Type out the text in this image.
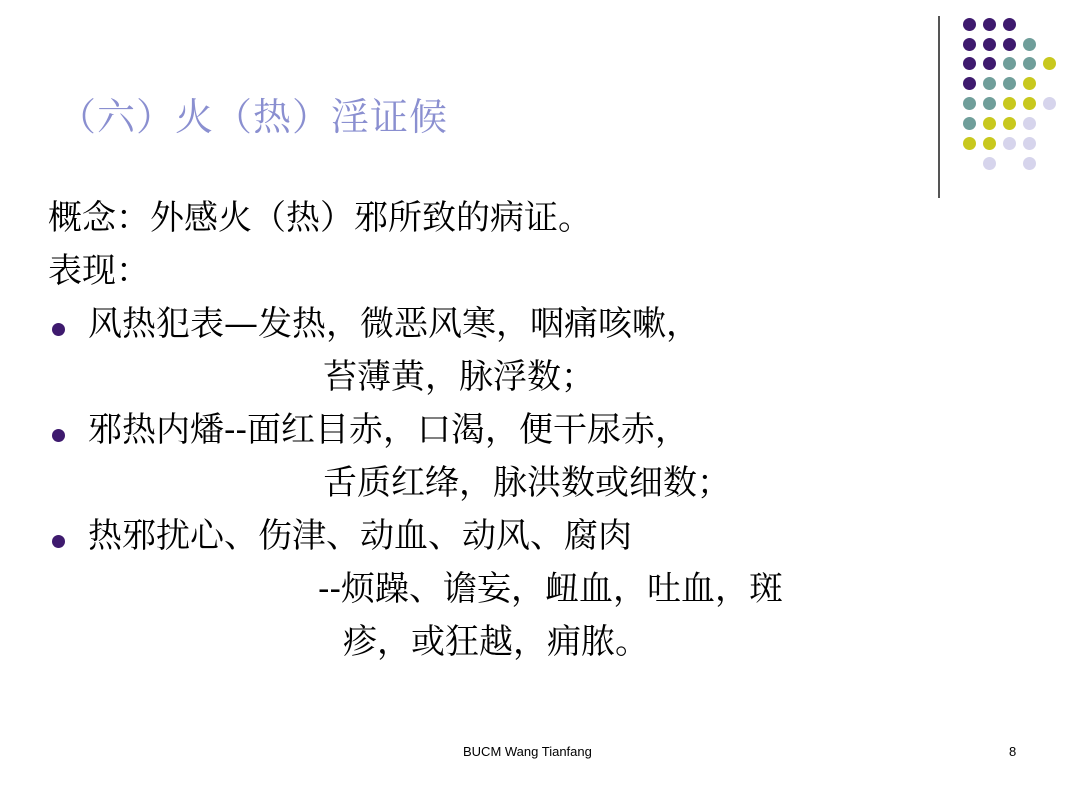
（六）火（热）淫证候
概念：外感火（热）邪所致的病证。
表现：
风热犯表—发热，微恶风寒，咽痛咳嗽，
苔薄黄，脉浮数；
邪热内燔--面红目赤，口渴，便干尿赤，
舌质红绛，脉洪数或细数；
热邪扰心、伤津、动血、动风、腐肉
--烦躁、谵妄，衄血，吐血，斑
疹，或狂越，痈脓。
BUCM Wang Tianfang	8
